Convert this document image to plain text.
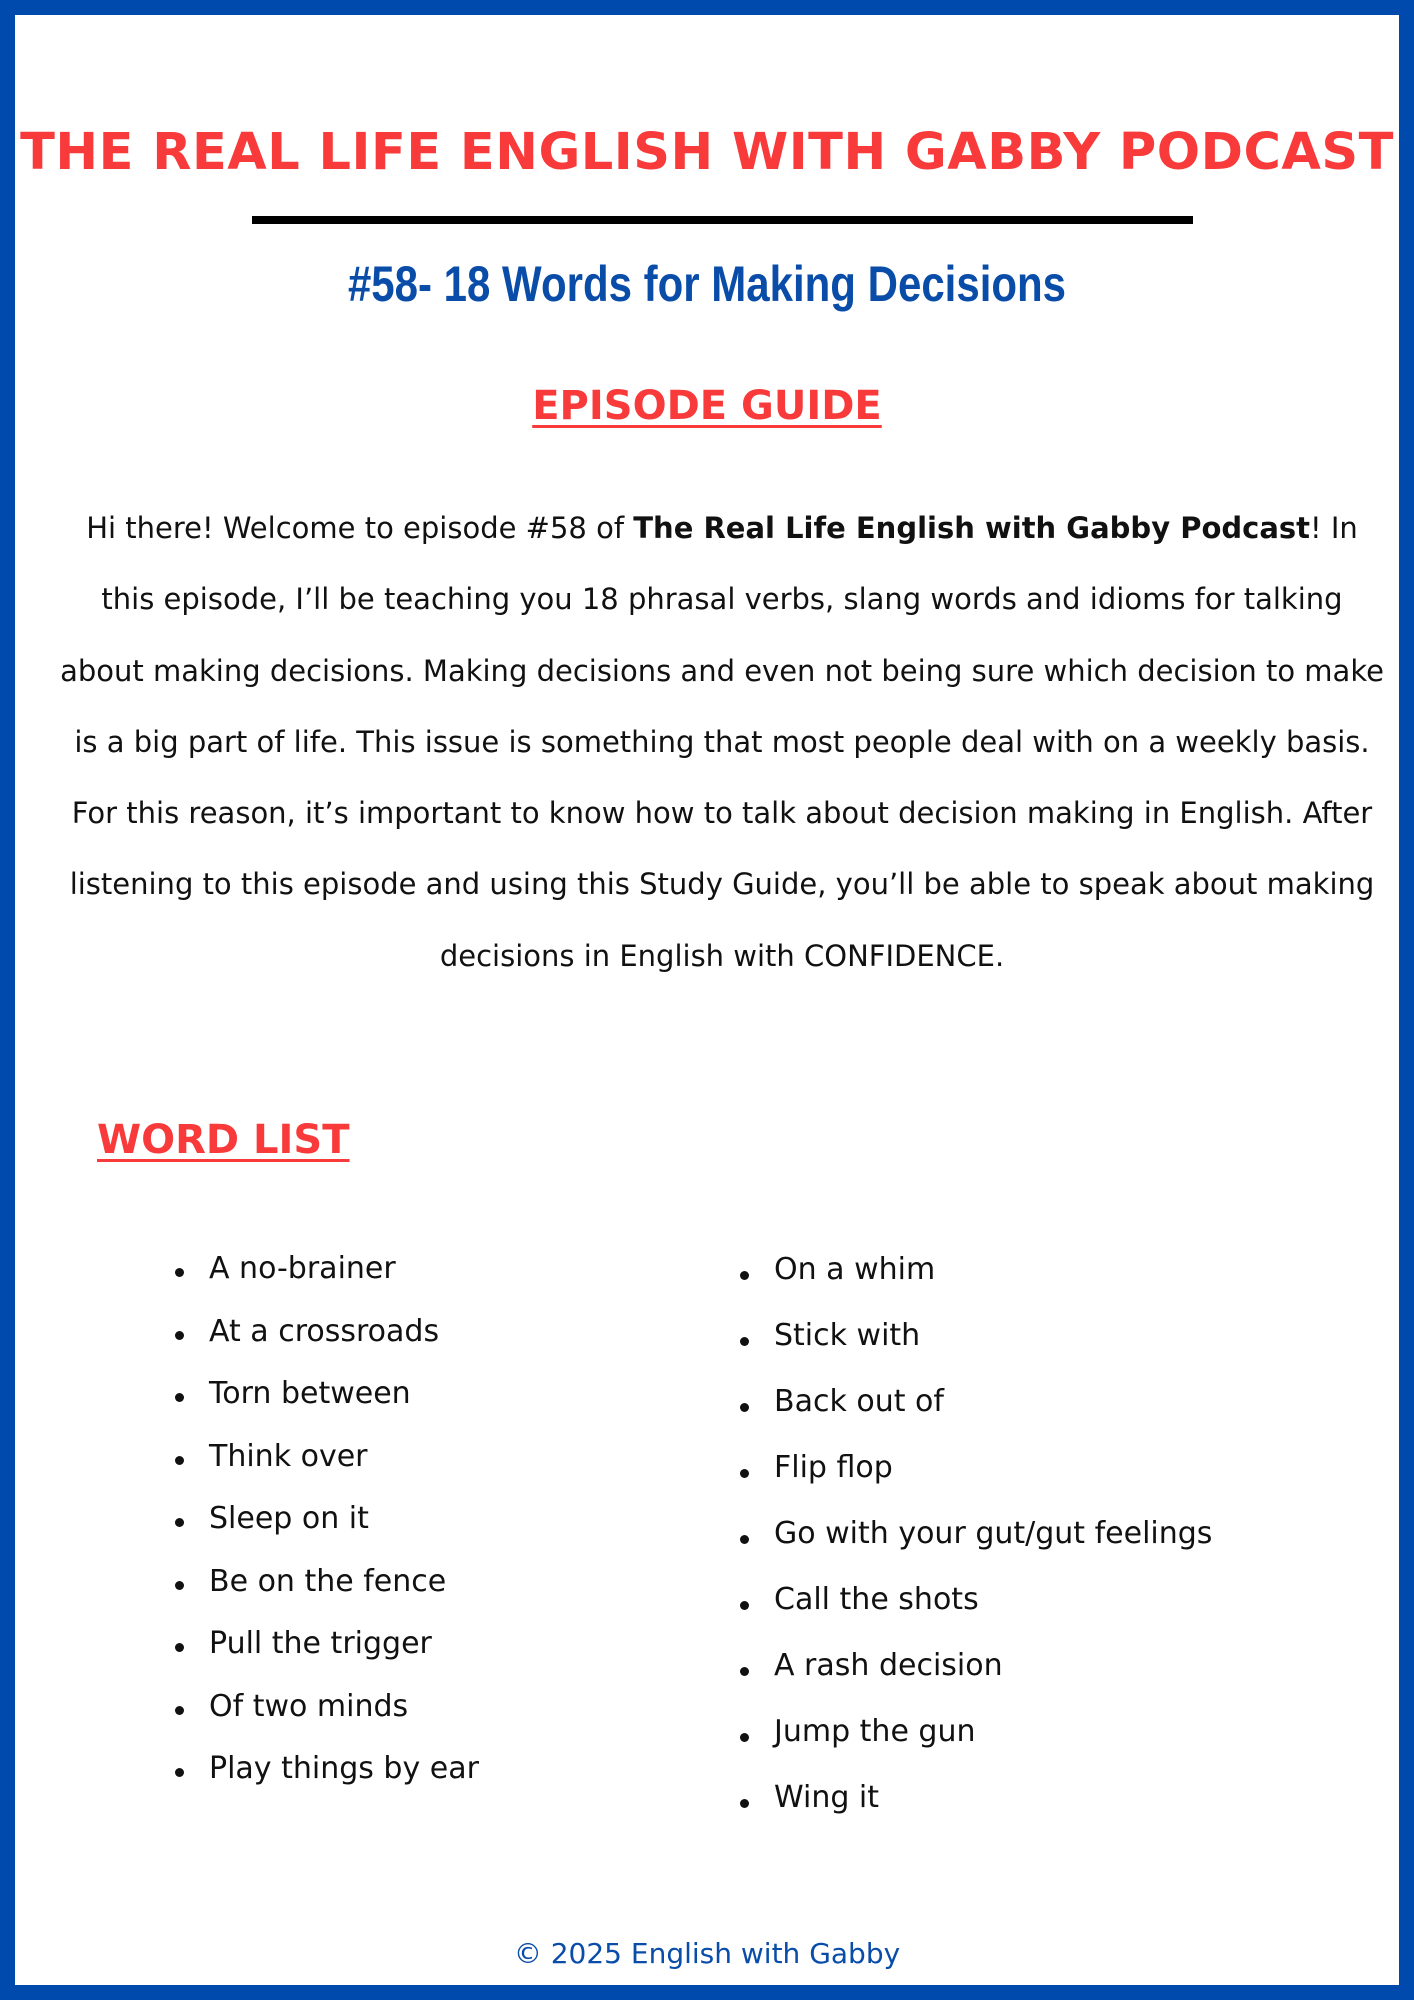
THE REAL LIFE ENGLISH WITH GABBY PODCAST
#58- 18 Words for Making Decisions
EPISODE GUIDE

Hi there! Welcome to episode #58 of The Real Life English with Gabby Podcast! In this episode, I’ll be teaching you 18 phrasal verbs, slang words and idioms for talking about making decisions. Making decisions and even not being sure which decision to make is a big part of life. This issue is something that most people deal with on a weekly basis. For this reason, it’s important to know how to talk about decision making in English. After listening to this episode and using this Study Guide, you’ll be able to speak about making decisions in English with CONFIDENCE.

WORD LIST
A no-brainer
At a crossroads
Torn between
Think over
Sleep on it
Be on the fence
Pull the trigger
Of two minds
Play things by ear
On a whim
Stick with
Back out of
Flip flop
Go with your gut/gut feelings
Call the shots
A rash decision
Jump the gun
Wing it

© 2025 English with Gabby
